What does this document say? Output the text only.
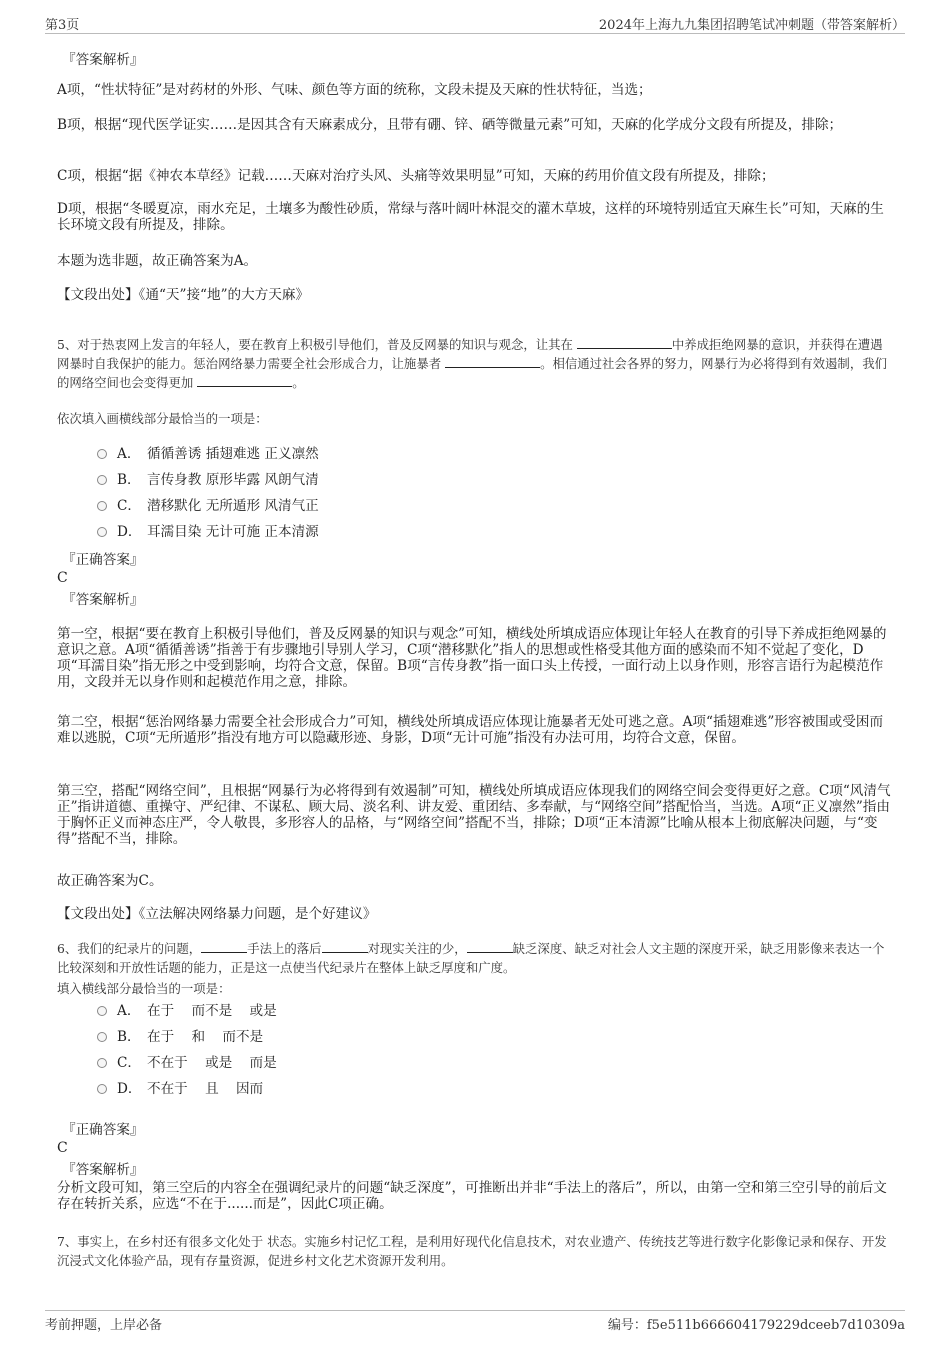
第3页	2024年上海九九集团招聘笔试冲刺题（带答案解析）
『答案解析』
A项，“性状特征”是对药材的外形、气味、颜色等方面的统称，文段未提及天麻的性状特征，当选；
B项，根据“现代医学证实……是因其含有天麻素成分，且带有硼、锌、硒等微量元素”可知，天麻的化学成分文段有所提及，排除；
C项，根据“据《神农本草经》记载……天麻对治疗头风、头痛等效果明显”可知，天麻的药用价值文段有所提及，排除；
D项，根据“冬暖夏凉，雨水充足，土壤多为酸性砂质，常绿与落叶阔叶林混交的灌木草坡，这样的环境特别适宜天麻生长”可知，天麻的生长环境文段有所提及，排除。
本题为选非题，故正确答案为A。
【文段出处】《通“天”接“地”的大方天麻》
5、对于热衷网上发言的年轻人，要在教育上积极引导他们，普及反网暴的知识与观念，让其在	中养成拒绝网暴的意识，并获得在遭遇网暴时自我保护的能力。惩治网络暴力需要全社会形成合力，让施暴者	。相信通过社会各界的努力，网暴行为必将得到有效遏制，我们的网络空间也会变得更加	。
依次填入画横线部分最恰当的一项是：
A． 循循善诱 插翅难逃 正义凛然
B． 言传身教 原形毕露 风朗气清
C． 潜移默化 无所遁形 风清气正
D． 耳濡目染 无计可施 正本清源
『正确答案』
C
『答案解析』
第一空，根据“要在教育上积极引导他们，普及反网暴的知识与观念”可知，横线处所填成语应体现让年轻人在教育的引导下养成拒绝网暴的意识之意。A项“循循善诱”指善于有步骤地引导别人学习，C项“潜移默化”指人的思想或性格受其他方面的感染而不知不觉起了变化，D项“耳濡目染”指无形之中受到影响，均符合文意，保留。B项“言传身教”指一面口头上传授，一面行动上以身作则，形容言语行为起模范作用，文段并无以身作则和起模范作用之意，排除。
第二空，根据“惩治网络暴力需要全社会形成合力”可知，横线处所填成语应体现让施暴者无处可逃之意。A项“插翅难逃”形容被围或受困而难以逃脱，C项“无所遁形”指没有地方可以隐藏形迹、身影，D项“无计可施”指没有办法可用，均符合文意，保留。
第三空，搭配“网络空间”，且根据“网暴行为必将得到有效遏制”可知，横线处所填成语应体现我们的网络空间会变得更好之意。C项“风清气正”指讲道德、重操守、严纪律、不谋私、顾大局、淡名利、讲友爱、重团结、多奉献，与“网络空间”搭配恰当，当选。A项“正义凛然”指由于胸怀正义而神态庄严，令人敬畏，多形容人的品格，与“网络空间”搭配不当，排除；D项“正本清源”比喻从根本上彻底解决问题，与“变得”搭配不当，排除。
故正确答案为C。
【文段出处】《立法解决网络暴力问题，是个好建议》
6、我们的纪录片的问题，	手法上的落后	对现实关注的少，	缺乏深度、缺乏对社会人文主题的深度开采，缺乏用影像来表达一个比较深刻和开放性话题的能力，正是这一点使当代纪录片在整体上缺乏厚度和广度。
填入横线部分最恰当的一项是：
A． 在于    而不是    或是
B． 在于    和    而不是
C． 不在于    或是    而是
D． 不在于    且    因而
『正确答案』
C
『答案解析』
分析文段可知，第三空后的内容全在强调纪录片的问题“缺乏深度”，可推断出并非“手法上的落后”，所以，由第一空和第三空引导的前后文存在转折关系，应选“不在于......而是”，因此C项正确。
7、事实上，在乡村还有很多文化处于 状态。实施乡村记忆工程，是利用好现代化信息技术，对农业遗产、传统技艺等进行数字化影像记录和保存、开发沉浸式文化体验产品，现有存量资源，促进乡村文化艺术资源开发利用。
考前押题，上岸必备	编号：f5e511b666604179229dceeb7d10309a
